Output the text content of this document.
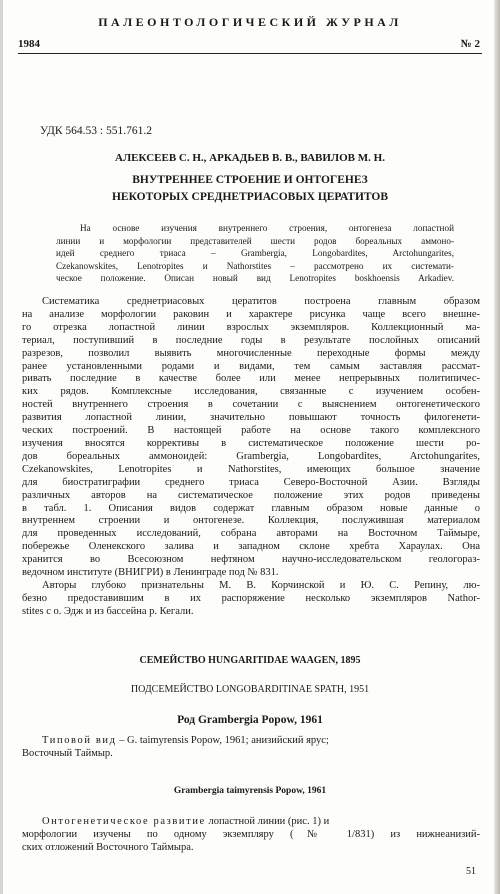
ПАЛЕОНТОЛОГИЧЕСКИЙ ЖУРНАЛ
1984	№ 2
УДК 564.53 : 551.761.2
АЛЕКСЕЕВ С. Н., АРКАДЬЕВ В. В., ВАВИЛОВ М. Н.
ВНУТРЕННЕЕ СТРОЕНИЕ И ОНТОГЕНЕЗ
НЕКОТОРЫХ СРЕДНЕТРИАСОВЫХ ЦЕРАТИТОВ
На основе изучения внутреннего строения, онтогенеза лопастной
линии и морфологии представителей шести родов бореальных аммоно-
идей среднего триаса – Grambergia, Longobardites, Arctohungarites,
Czekanowskites, Lenotropites и Nathorstites – рассмотрено их системати-
ческое положение. Описан новый вид Lenotropites boskhoensis Arkadiev.
Систематика среднетриасовых цератитов построена главным образом
на анализе морфологии раковин и характере рисунка чаще всего внешне-
го отрезка лопастной линии взрослых экземпляров. Коллекционный ма-
териал, поступивший в последние годы в результате послойных описаний
разрезов, позволил выявить многочисленные переходные формы между
ранее установленными родами и видами, тем самым заставляя рассмат-
ривать последние в качестве более или менее непрерывных политипичес-
ких рядов. Комплексные исследования, связанные с изучением особен-
ностей внутреннего строения в сочетании с выяснением онтогенетического
развития лопастной линии, значительно повышают точность филогенети-
ческих построений. В настоящей работе на основе такого комплексного
изучения вносятся коррективы в систематическое положение шести ро-
дов бореальных аммоноидей: Grambergia, Longobardites, Arctohungarites,
Czekanowskites, Lenotropites и Nathorstites, имеющих большое значение
для биостратиграфии среднего триаса Северо-Восточной Азии. Взгляды
различных авторов на систематическое положение этих родов приведены
в табл. 1. Описания видов содержат главным образом новые данные о
внутреннем строении и онтогенезе. Коллекция, послужившая материалом
для проведенных исследований, собрана авторами на Восточном Таймыре,
побережье Оленекского залива и западном склоне хребта Хараулах. Она
хранится во Всесоюзном нефтяном научно-исследовательском геологораз-
ведочном институте (ВНИГРИ) в Ленинграде под № 831.
Авторы глубоко признательны М. В. Корчинской и Ю. С. Репину, лю-
безно предоставившим в их распоряжение несколько экземпляров Nathor-
stites с о. Эдж и из бассейна р. Кегали.
СЕМЕЙСТВО HUNGARITIDAE WAAGEN, 1895
ПОДСЕМЕЙСТВО LONGOBARDITINAE SPATH, 1951
Род Grambergia Popow, 1961
Типовой вид – G. taimyrensis Popow, 1961; анизийский ярус;
Восточный Таймыр.
Grambergia taimyrensis Popow, 1961
Онтогенетическое развитие лопастной линии (рис. 1) и
морфологии изучены по одному экземпляру (№ 1/831) из нижнеанизий-
ских отложений Восточного Таймыра.
51
